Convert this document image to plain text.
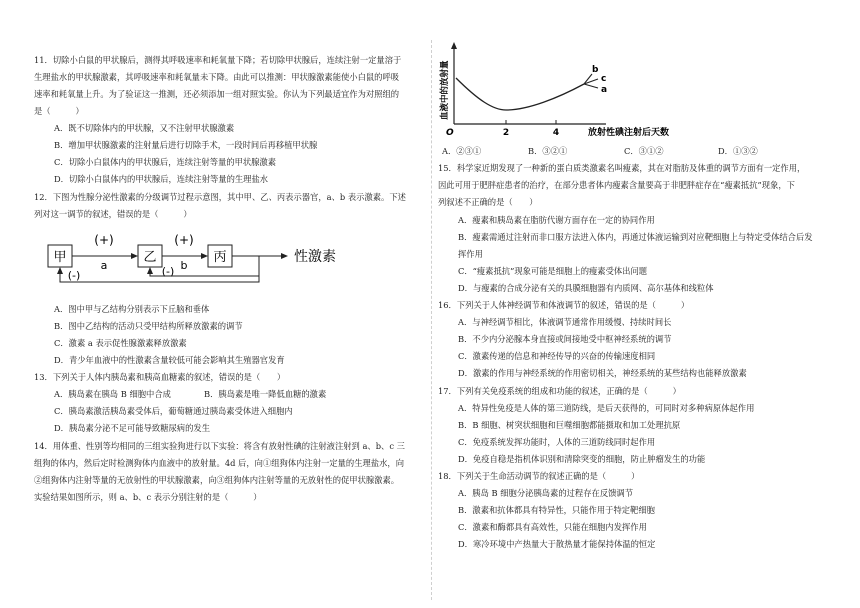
11．切除小白鼠的甲状腺后，测得其呼吸速率和耗氧量下降；若切除甲状腺后，连续注射一定量溶于
生理盐水的甲状腺激素，其呼吸速率和耗氧量未下降。由此可以推测：甲状腺激素能使小白鼠的呼吸
速率和耗氧量上升。为了验证这一推测，还必须添加一组对照实验。你认为下列最适宜作为对照组的
是（　　　）
A．既不切除体内的甲状腺，又不注射甲状腺激素
B．增加甲状腺激素的注射量后进行切除手术，一段时间后再移植甲状腺
C．切除小白鼠体内的甲状腺后，连续注射等量的甲状腺激素
D．切除小白鼠体内的甲状腺后，连续注射等量的生理盐水
12．下图为性腺分泌性激素的分级调节过程示意图，其中甲、乙、丙表示器官，a、b 表示激素。下述
列对这一调节的叙述，错误的是（　　　）
甲	乙	丙
(+)	(+)
a	b
性激素
(-)	(-)
A．图中甲与乙结构分别表示下丘脑和垂体
B．图中乙结构的活动只受甲结构所释放激素的调节
C．激素 a 表示促性腺激素释放激素
D．青少年血液中的性激素含量较低可能会影响其生殖器官发育
13．下列关于人体内胰岛素和胰高血糖素的叙述，错误的是（　　）
A．胰岛素在胰岛 B 细胞中合成	B．胰岛素是唯一降低血糖的激素
C．胰岛素激活胰岛素受体后，葡萄糖通过胰岛素受体进入细胞内
D．胰岛素分泌不足可能导致糖尿病的发生
14．用体重、性别等均相同的三组实验狗进行以下实验：将含有放射性碘的注射液注射到 a、b、c 三
组狗的体内，然后定时检测狗体内血液中的放射量。4d 后，向①组狗体内注射一定量的生理盐水，向
②组狗体内注射等量的无放射性的甲状腺激素，向③组狗体内注射等量的无放射性的促甲状腺激素。
实验结果如图所示，则 a、b、c 表示分别注射的是（　　　）
O	2	4	放射性碘注射后天数
血液中的放射量	b
c
a
A．②③①	B．③②①	C．③①②	D．①③②
15．科学家近期发现了一种新的蛋白质类激素名叫瘦素，其在对脂肪及体重的调节方面有一定作用，
因此可用于肥胖症患者的治疗，在部分患者体内瘦素含量要高于非肥胖症存在“瘦素抵抗”现象，下
列叙述不正确的是（　　）
A．瘦素和胰岛素在脂肪代谢方面存在一定的协同作用
B．瘦素需通过注射而非口服方法进入体内，再通过体液运输到对应靶细胞上与特定受体结合后发
挥作用
C．“瘦素抵抗”现象可能是细胞上的瘦素受体出问题
D．与瘦素的合成分泌有关的具膜细胞器有内质网、高尔基体和线粒体
16．下列关于人体神经调节和体液调节的叙述，错误的是（　　　）
A．与神经调节相比，体液调节通常作用缓慢、持续时间长
B．不少内分泌腺本身直接或间接地受中枢神经系统的调节
C．激素传递的信息和神经传导的兴奋的传输速度相同
D．激素的作用与神经系统的作用密切相关，神经系统的某些结构也能释放激素
17．下列有关免疫系统的组成和功能的叙述，正确的是（　　　）
A．特异性免疫是人体的第三道防线，是后天获得的，可同时对多种病原体起作用
B．B 细胞、树突状细胞和巨噬细胞都能摄取和加工处理抗原
C．免疫系统发挥功能时，人体的三道防线同时起作用
D．免疫自稳是指机体识别和清除突变的细胞，防止肿瘤发生的功能
18．下列关于生命活动调节的叙述正确的是（　　　）
A．胰岛 B 细胞分泌胰岛素的过程存在反馈调节
B．激素和抗体都具有特异性，只能作用于特定靶细胞
C．激素和酶都具有高效性，只能在细胞内发挥作用
D．寒冷环境中产热量大于散热量才能保持体温的恒定
